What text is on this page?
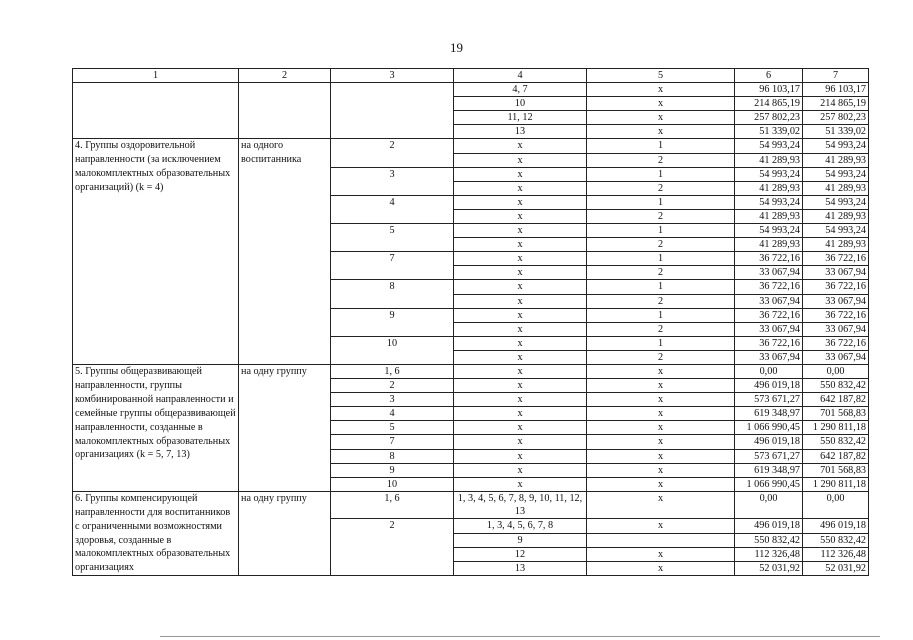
19
1	2	3	4	5	6	7
			4, 7	x	96 103,17	96 103,17
			10	x	214 865,19	214 865,19
			11, 12	x	257 802,23	257 802,23
			13	x	51 339,02	51 339,02
4. Группы оздоровительной направленности (за исключением малокомплектных образовательных организаций) (k = 4)	на одного воспитанника	2	x	1	54 993,24	54 993,24
			x	2	41 289,93	41 289,93
		3	x	1	54 993,24	54 993,24
			x	2	41 289,93	41 289,93
		4	x	1	54 993,24	54 993,24
			x	2	41 289,93	41 289,93
		5	x	1	54 993,24	54 993,24
			x	2	41 289,93	41 289,93
		7	x	1	36 722,16	36 722,16
			x	2	33 067,94	33 067,94
		8	x	1	36 722,16	36 722,16
			x	2	33 067,94	33 067,94
		9	x	1	36 722,16	36 722,16
			x	2	33 067,94	33 067,94
		10	x	1	36 722,16	36 722,16
			x	2	33 067,94	33 067,94
5. Группы общеразвивающей направленности, группы комбинированной направленности и семейные группы общеразвивающей направленности, созданные в малокомплектных образовательных организациях (k = 5, 7, 13)	на одну группу	1, 6	x	x	0,00	0,00
		2	x	x	496 019,18	550 832,42
		3	x	x	573 671,27	642 187,82
		4	x	x	619 348,97	701 568,83
		5	x	x	1 066 990,45	1 290 811,18
		7	x	x	496 019,18	550 832,42
		8	x	x	573 671,27	642 187,82
		9	x	x	619 348,97	701 568,83
		10	x	x	1 066 990,45	1 290 811,18
6. Группы компенсирующей направленности для воспитанников с ограниченными возможностями здоровья, созданные в малокомплектных образовательных организациях	на одну группу	1, 6	1, 3, 4, 5, 6, 7, 8, 9, 10, 11, 12, 13	x	0,00	0,00
		2	1, 3, 4, 5, 6, 7, 8	x	496 019,18	496 019,18
			9		550 832,42	550 832,42
			12	x	112 326,48	112 326,48
			13	x	52 031,92	52 031,92
